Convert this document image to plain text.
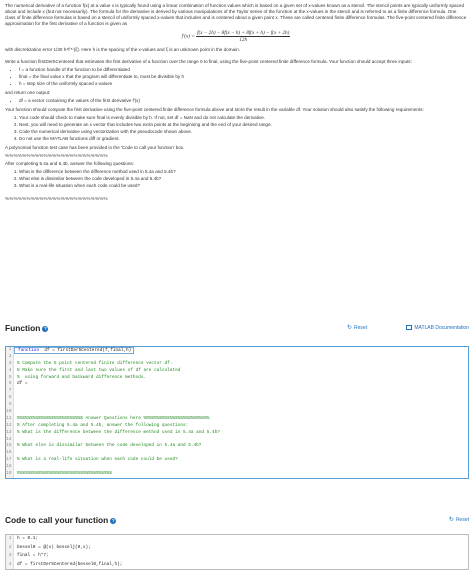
The numerical derivative of a function f(x) at a value x is typically found using a linear combination of function values which is based on a given set of x-values known as a stencil. The stencil points are typically uniformly spaced about and include x (but not necessarily). The formula for the derivative is derived by various manipulations of the Taylor series of the function at the x-values in the stencil and is referred to as a finite difference formula. One class of finite difference formulas is based on a stencil of uniformly spaced x-values that includes and is centered about a given point x. These are called centered finite difference formulas. The five-point centered finite difference approximation for the first derivative of a function is given as

$f'(x) = \frac{f(x - 2h) - 8f(x - h) + 8f(x + h) - f(x + 2h)}{12h}$

with discretization error 1/30 h⁴f⁽⁵⁾(ξ). Here h is the spacing of the x-values and ξ is an unknown point in the domain.

Write a function firstDer5Centered that estimates the first derivative of a function over the range 0 to final, using the five-point centered finite difference formula. Your function should accept three inputs:

• f = a function handle of the function to be differentiated
• final = the final value x that the program will differentiate to, must be divisible by h
• h = step size of the uniformly spaced x-values

and return one output:

• df = a vector containing the values of the first derivative f′(x)

Your function should compute the first derivative using the five-point centered finite difference formula above and store the result in the variable df. Your solution should also satisfy the following requirements:

1. Your code should check to make sure final is evenly divisible by h. If not, set df = NaN and do not calculate the derivative.
2. Next, you will need to generate an x vector that includes two extra points at the beginning and the end of your desired range.
3. Code the numerical derivative using vectorization with the pseudocode shown above.
4. Do not use the MATLAB functions diff or gradient.

A polynomial function test case has been provided in the 'Code to call your function' box.

%%%%%%%%%%%%%%%%%%%%%%%%

After completing 5.4a and 5.4b, answer the following questions:

1. What is the difference between the difference method used in 5.4a and 5.4b?
2. What else is dissimilar between the code developed in 5.4a and 5.4b?
3. What is a real-life situation when each code could be used?

%%%%%%%%%%%%%%%%%%%%%%%%

Function ?	↻ Reset	MATLAB Documentation
1	function  df = firstDer5Centered(f,final,h)
2
3	% Compute the 5 point centered finite difference vector df.
4	% Make sure the first and last two values of df are calculated
5	%  using forward and backward difference methods.
6	df =
7
8
9
10
11	%%%%%%%%%%%%%%%%%%%%%%%%% Answer Questions here %%%%%%%%%%%%%%%%%%%%%%%%%
12	% After completing 5.4a and 5.4b, answer the following questions:
13	% What is the difference between the difference method used in 5.4a and 5.4b?
14
15	% What else is dissimilar between the code developed in 5.4a and 5.4b?
16
17	% What is a real-life situation when each code could be used?
18
19	%%%%%%%%%%%%%%%%%%%%%%%%%%%%%%%%%%%%
Code to call your function ?	↻ Reset
1	h = 0.1;
2	bessel0 = @(x) besselj(0,x);
3	final = h*7;
4	df = firstDer5Centered(bessel0,final,h);
